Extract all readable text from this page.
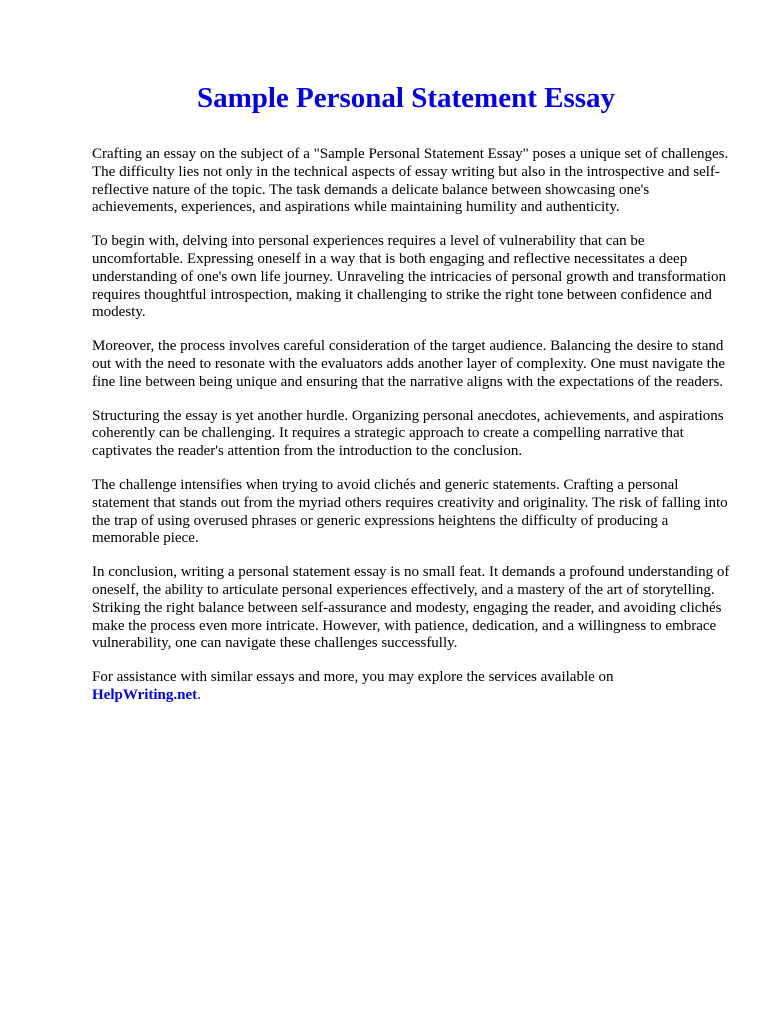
Sample Personal Statement Essay

Crafting an essay on the subject of a "Sample Personal Statement Essay" poses a unique set of challenges. The difficulty lies not only in the technical aspects of essay writing but also in the introspective and self-reflective nature of the topic. The task demands a delicate balance between showcasing one's achievements, experiences, and aspirations while maintaining humility and authenticity.

To begin with, delving into personal experiences requires a level of vulnerability that can be uncomfortable. Expressing oneself in a way that is both engaging and reflective necessitates a deep understanding of one's own life journey. Unraveling the intricacies of personal growth and transformation requires thoughtful introspection, making it challenging to strike the right tone between confidence and modesty.

Moreover, the process involves careful consideration of the target audience. Balancing the desire to stand out with the need to resonate with the evaluators adds another layer of complexity. One must navigate the fine line between being unique and ensuring that the narrative aligns with the expectations of the readers.

Structuring the essay is yet another hurdle. Organizing personal anecdotes, achievements, and aspirations coherently can be challenging. It requires a strategic approach to create a compelling narrative that captivates the reader's attention from the introduction to the conclusion.

The challenge intensifies when trying to avoid clichés and generic statements. Crafting a personal statement that stands out from the myriad others requires creativity and originality. The risk of falling into the trap of using overused phrases or generic expressions heightens the difficulty of producing a memorable piece.

In conclusion, writing a personal statement essay is no small feat. It demands a profound understanding of oneself, the ability to articulate personal experiences effectively, and a mastery of the art of storytelling. Striking the right balance between self-assurance and modesty, engaging the reader, and avoiding clichés make the process even more intricate. However, with patience, dedication, and a willingness to embrace vulnerability, one can navigate these challenges successfully.

For assistance with similar essays and more, you may explore the services available on
HelpWriting.net.
